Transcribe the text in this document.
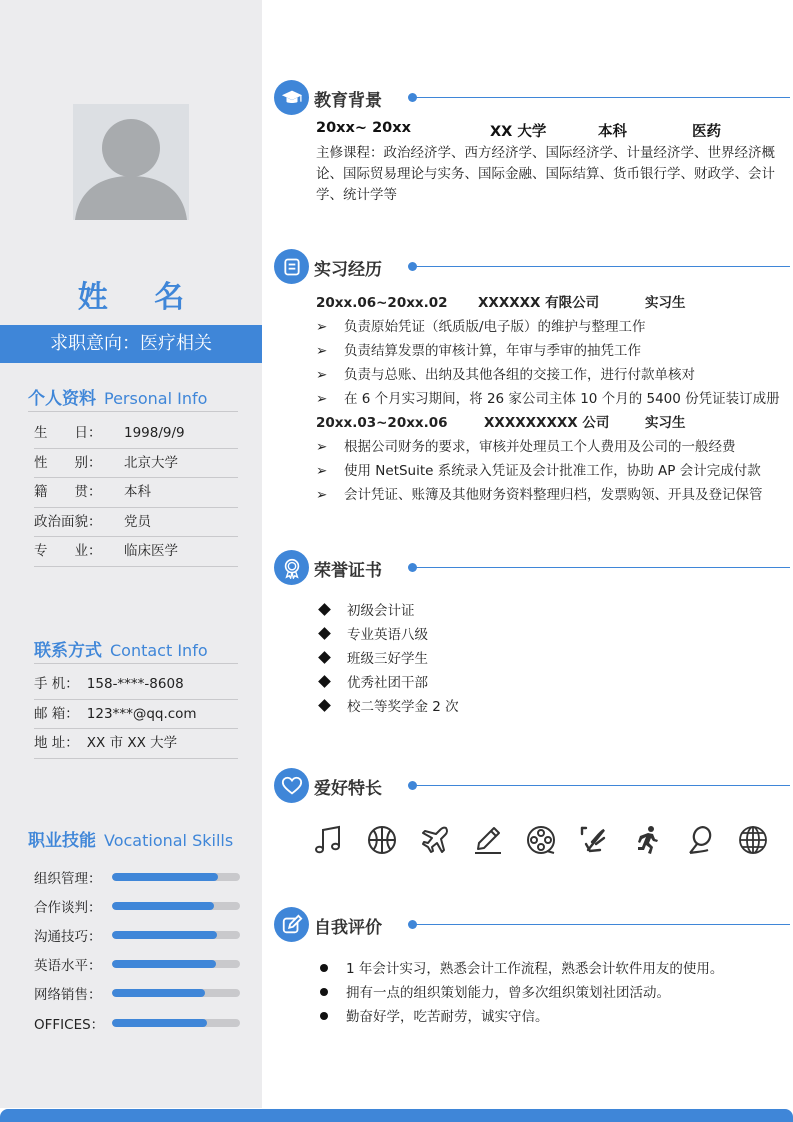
姓 名
求职意向：医疗相关
个人资料 Personal Info
生　　日：	1998/9/9
性　　别：	北京大学
籍　　贯：	本科
政治面貌：	党员
专　　业：	临床医学
联系方式 Contact Info
手 机： 158-****-8608
邮 箱： 123***@qq.com
地 址： XX 市 XX 大学
职业技能 Vocational Skills
组织管理：
合作谈判：
沟通技巧：
英语水平：
网络销售：
OFFICES：
教育背景
20xx~ 20xx	XX 大学	本科	医药
主修课程：政治经济学、西方经济学、国际经济学、计量经济学、世界经济概论、国际贸易理论与实务、国际金融、国际结算、货币银行学、财政学、会计学、统计学等
实习经历
20xx.06~20xx.02 XXXXXX 有限公司	实习生
➢ 负责原始凭证（纸质版/电子版）的维护与整理工作
➢ 负责结算发票的审核计算，年审与季审的抽凭工作
➢ 负责与总账、出纳及其他各组的交接工作，进行付款单核对
➢ 在 6 个月实习期间，将 26 家公司主体 10 个月的 5400 份凭证装订成册
20xx.03~20xx.06	XXXXXXXXX 公司	实习生
➢ 根据公司财务的要求，审核并处理员工个人费用及公司的一般经费
➢ 使用 NetSuite 系统录入凭证及会计批准工作，协助 AP 会计完成付款
➢ 会计凭证、账簿及其他财务资料整理归档，发票购领、开具及登记保管
荣誉证书
初级会计证
专业英语八级
班级三好学生
优秀社团干部
校二等奖学金 2 次
爱好特长
自我评价
1 年会计实习，熟悉会计工作流程，熟悉会计软件用友的使用。
拥有一点的组织策划能力，曾多次组织策划社团活动。
勤奋好学，吃苦耐劳，诚实守信。
